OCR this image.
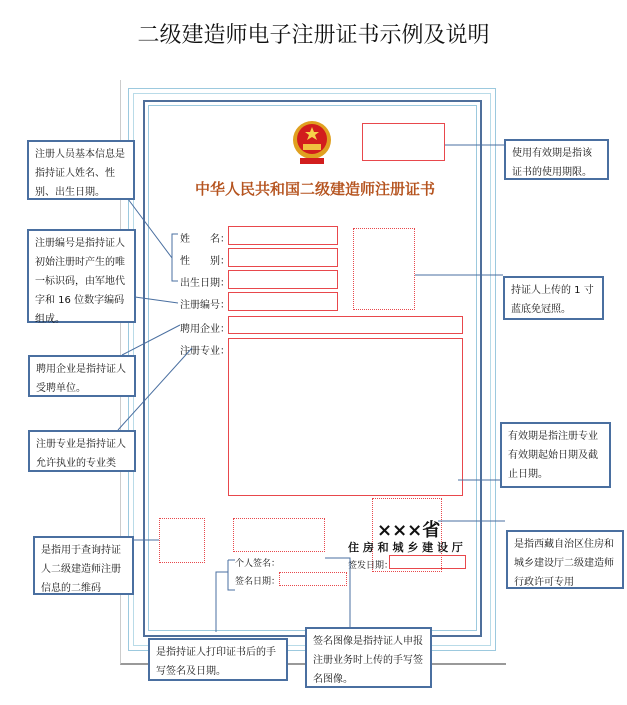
二级建造师电子注册证书示例及说明
中华人民共和国二级建造师注册证书
姓　　名：
性　　别：
出生日期：
注册编号：
聘用企业：
注册专业：
个人签名：
签名日期：
×××省
住 房 和 城 乡 建 设 厅
签发日期：
注册人员基本信息是指持证人姓名、性别、出生日期。
注册编号是指持证人初始注册时产生的唯一标识码，由军地代字和 16 位数字编码组成。
聘用企业是指持证人受聘单位。
注册专业是指持证人允许执业的专业类
是指用于查询持证人二级建造师注册信息的二维码
是指持证人打印证书后的手写签名及日期。
签名图像是指持证人申报注册业务时上传的手写签名图像。
使用有效期是指该证书的使用期限。
持证人上传的 1 寸蓝底免冠照。
有效期是指注册专业有效期起始日期及截止日期。
是指西藏自治区住房和城乡建设厅二级建造师行政许可专用
